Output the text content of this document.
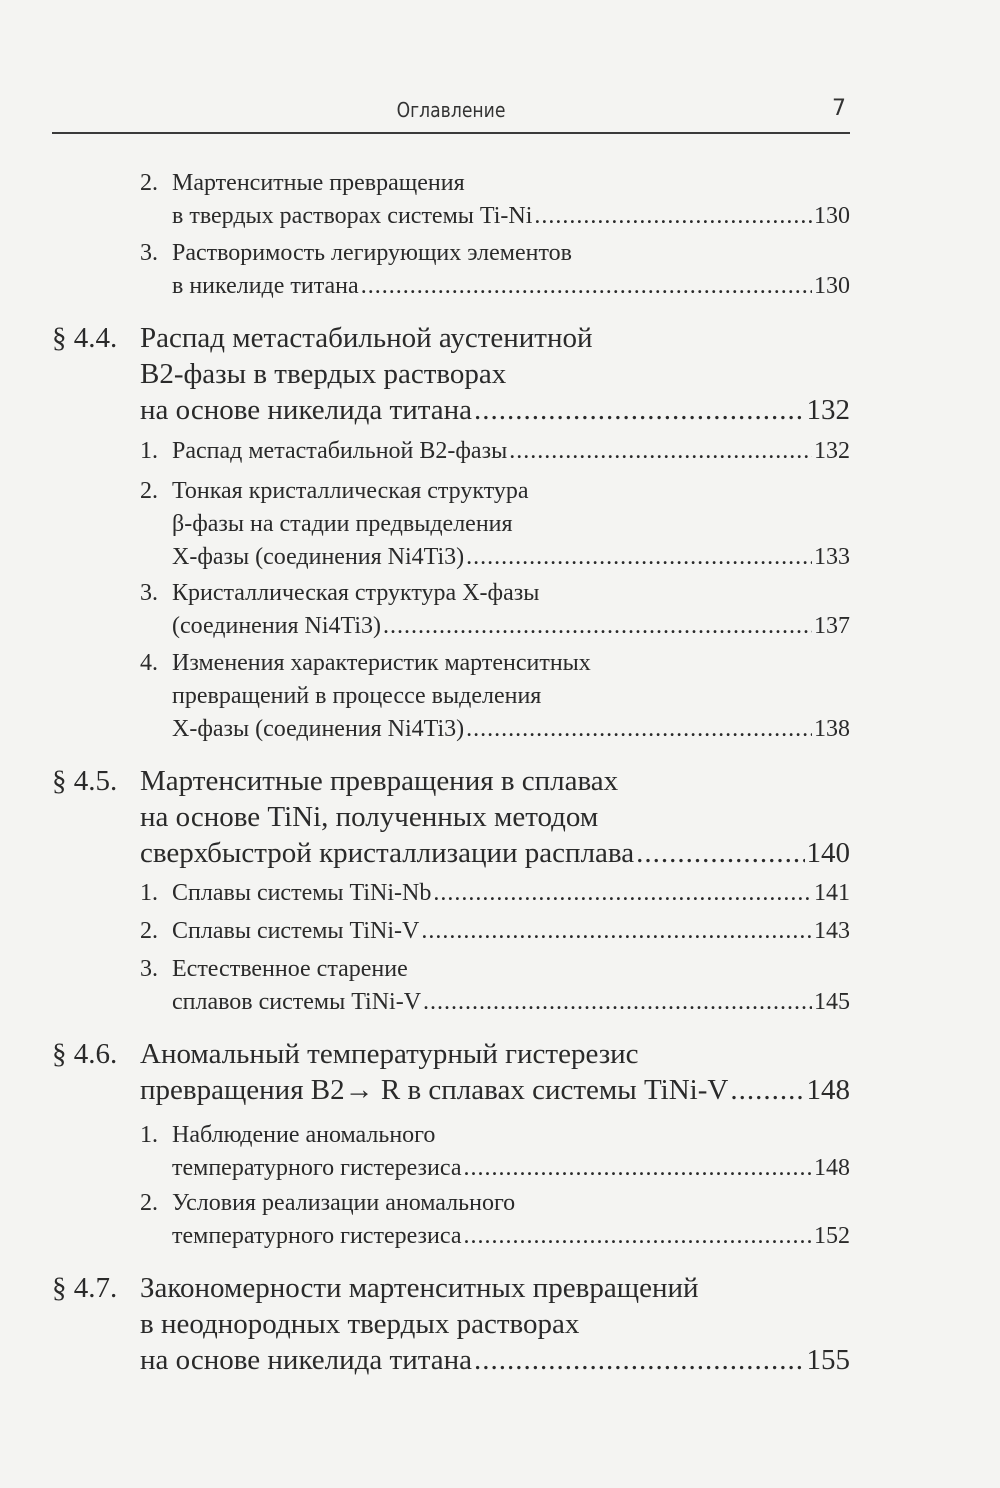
Оглавление	7
2. Мартенситные превращения
в твердых растворах системы Ti-Ni .....	130
3. Растворимость легирующих элементов
в никелиде титана .....	130
§ 4.4. Распад метастабильной аустенитной
B2-фазы в твердых растворах
на основе никелида титана .....	132
1. Распад метастабильной B2-фазы .....	132
2. Тонкая кристаллическая структура
β-фазы на стадии предвыделения
X-фазы (соединения Ni4Ti3) .....	133
3. Кристаллическая структура X-фазы
(соединения Ni4Ti3) .....	137
4. Изменения характеристик мартенситных
превращений в процессе выделения
X-фазы (соединения Ni4Ti3) .....	138
§ 4.5. Мартенситные превращения в сплавах
на основе TiNi, полученных методом
сверхбыстрой кристаллизации расплава .....	140
1. Сплавы системы TiNi-Nb .....	141
2. Сплавы системы TiNi-V .....	143
3. Естественное старение
сплавов системы TiNi-V .....	145
§ 4.6. Аномальный температурный гистерезис
превращения B2→ R в сплавах системы TiNi-V .....	148
1. Наблюдение аномального
температурного гистерезиса .....	148
2. Условия реализации аномального
температурного гистерезиса .....	152
§ 4.7. Закономерности мартенситных превращений
в неоднородных твердых растворах
на основе никелида титана .....	155
